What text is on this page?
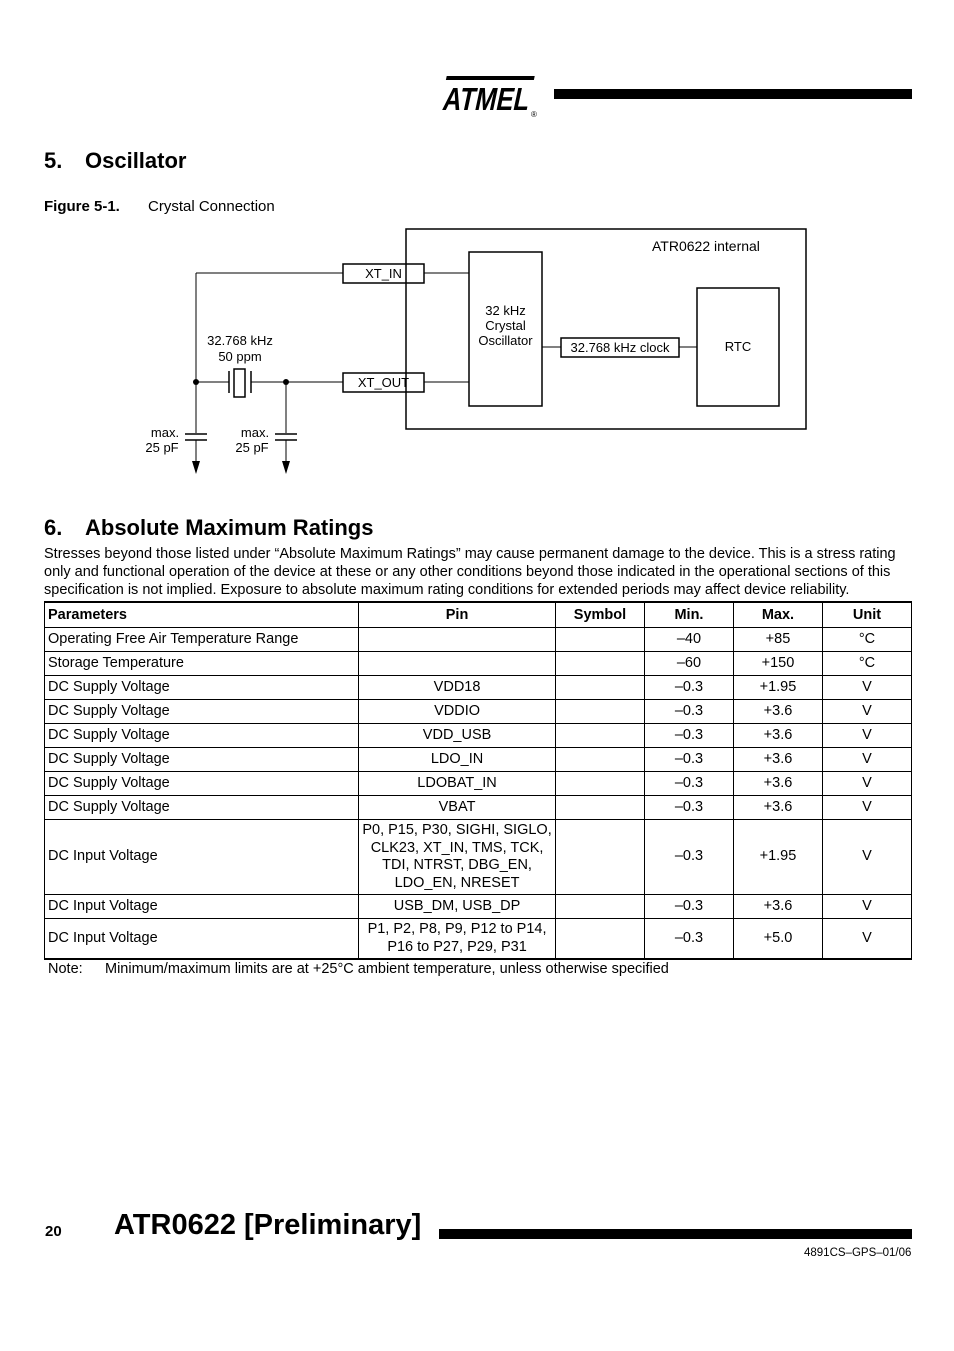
ATMEL
®
5. Oscillator
Figure 5-1. Crystal Connection
ATR0622 internal
XT_IN
XT_OUT
32 kHz
Crystal
Oscillator	32.768 kHz clock	RTC
32.768 kHz
50 ppm
max.
25 pF
max.
25 pF
6. Absolute Maximum Ratings

Stresses beyond those listed under “Absolute Maximum Ratings” may cause permanent damage to the device. This is a stress rating only and functional operation of the device at these or any other conditions beyond those indicated in the operational sections of this specification is not implied. Exposure to absolute maximum rating conditions for extended periods may affect device reliability.

Parameters	Pin	Symbol	Min.	Max.	Unit
Operating Free Air Temperature Range			–40	+85	°C
Storage Temperature			–60	+150	°C
DC Supply Voltage	VDD18		–0.3	+1.95	V
DC Supply Voltage	VDDIO		–0.3	+3.6	V
DC Supply Voltage	VDD_USB		–0.3	+3.6	V
DC Supply Voltage	LDO_IN		–0.3	+3.6	V
DC Supply Voltage	LDOBAT_IN		–0.3	+3.6	V
DC Supply Voltage	VBAT		–0.3	+3.6	V
DC Input Voltage	P0, P15, P30, SIGHI, SIGLO, CLK23, XT_IN, TMS, TCK, TDI, NTRST, DBG_EN, LDO_EN, NRESET		–0.3	+1.95	V
DC Input Voltage	USB_DM, USB_DP		–0.3	+3.6	V
DC Input Voltage	P1, P2, P8, P9, P12 to P14, P16 to P27, P29, P31		–0.3	+5.0	V
Note: Minimum/maximum limits are at +25°C ambient temperature, unless otherwise specified
20 ATR0622 [Preliminary]
4891CS–GPS–01/06
